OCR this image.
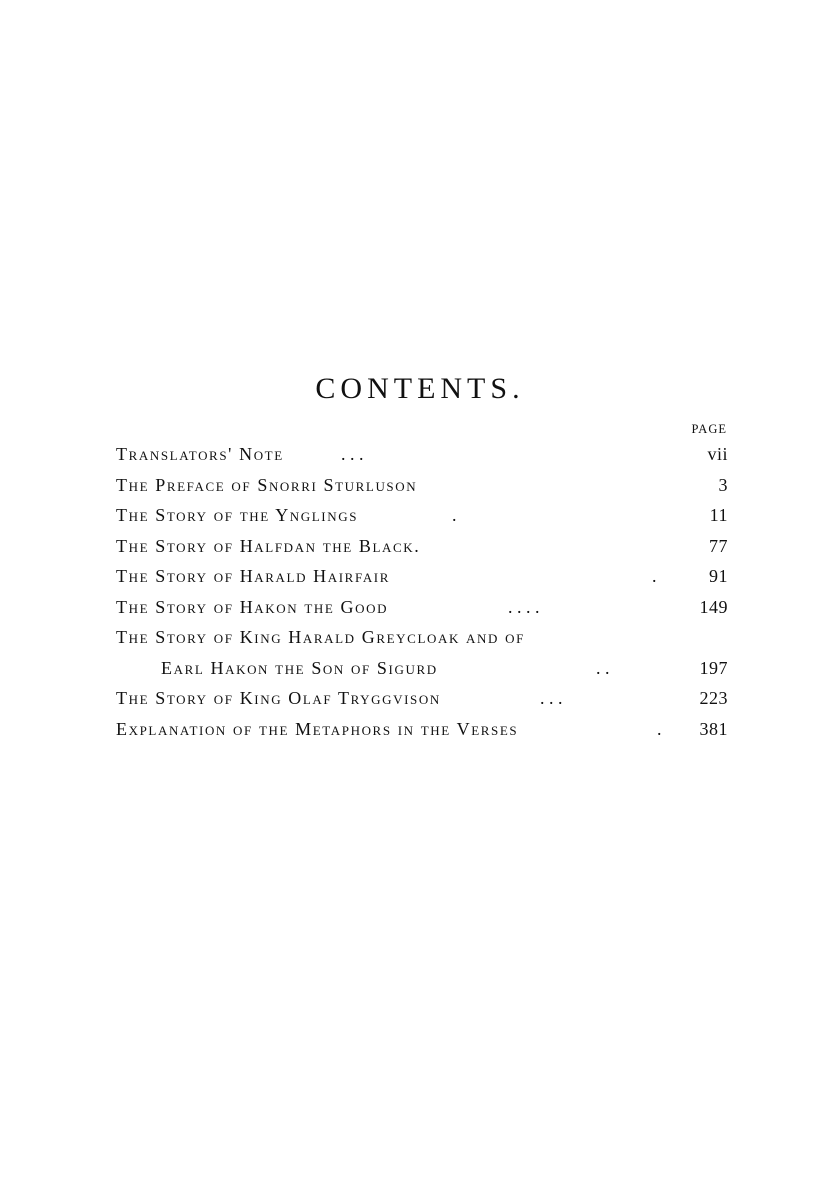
CONTENTS.
PAGE
Translators' Note	. . .	vii
The Preface of Snorri Sturluson	3
The Story of the Ynglings	.	11
The Story of Halfdan the Black.	77
The Story of Harald Hairfair	.	91
The Story of Hakon the Good	. . . .	149
The Story of King Harald Greycloak and of
Earl Hakon the Son of Sigurd	. .	197
The Story of King Olaf Tryggvison	. . .	223
Explanation of the Metaphors in the Verses	. 381
